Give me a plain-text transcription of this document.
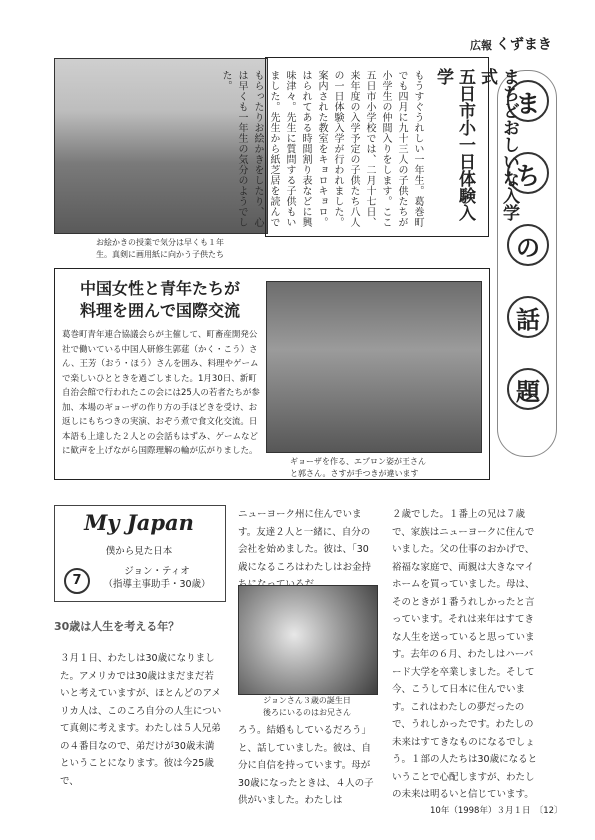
広報 くずまき
ま
ち
の
話
題
お絵かきの授業で気分は早くも１年
生。真剣に画用紙に向かう子供たち
まちどおしいな入学式
五日市小一日体験入学
もうすぐうれしい一年生。葛巻町でも四月に九十三人の子供たちが小学生の仲間入りをします。ここ五日市小学校では、二月十七日、来年度の入学予定の子供たち八人の一日体験入学が行われました。案内された教室をキョロキョロ。はられてある時間割り表などに興味津々。先生に質問する子供もいました。先生から紙芝居を読んでもらったりお絵かきをしたり、心は早くも一年生の気分のようでした。
中国女性と青年たちが
料理を囲んで国際交流
葛巻町青年連合協議会らが主催して、町畜産開発公社で働いている中国人研修生郭莚（かく・こう）さん、王芳（おう・ほう）さんを囲み、料理やゲームで楽しいひとときを過ごしました。1月30日、新町自治会館で行われたこの会には25人の若者たちが参加、本場のギョーザの作り方の手ほどきを受け、お返しにもちつきの実演、おぞう煮で食文化交流。日本語も上達した２人との会話もはずみ、ゲームなどに歓声を上げながら国際理解の輪が広がりました。
ギョーザを作る、エプロン姿が王さん
と郭さん。さすが手つきが違います
My Japan
僕から見た日本
7
ジョン・ティオ
（指導主事助手・30歳）
30歳は人生を考える年？
３月１日、わたしは30歳になりました。アメリカでは30歳はまだまだ若いと考えていますが、ほとんどのアメリカ人は、このころ自分の人生について真剣に考えます。わたしは５人兄弟の４番目なので、弟だけが30歳未満ということになります。彼は今25歳で、
ニューヨーク州に住んでいます。友達２人と一緒に、自分の会社を始めました。彼は、「30歳になるころはわたしはお金持
ジョンさん３歳の誕生日
後ろにいるのはお兄さん
ろう。結婚もしているだろう」と、話していました。彼は、自分に自信を持っています。母が30歳になったときは、４人の子供がいました。わたしは
２歳でした。１番上の兄は７歳で、家族はニューヨークに住んでいました。父の仕事のおかげで、裕福な家庭で、両親は大きなマイホームを買っていました。母は、そのときが１番うれしかったと言っています。それは来年はすてきな人生を送っていると思っています。去年の６月、わたしはハーバード大学を卒業しました。そして今、こうして日本に住んでいます。これはわたしの夢だったので、うれしかったです。わたしの未来はすてきなものになるでしょう。１部の人たちは30歳になるということで心配しますが、わたしの未来は明るいと信じています。
10年（1998年）３月１日　〔12〕
